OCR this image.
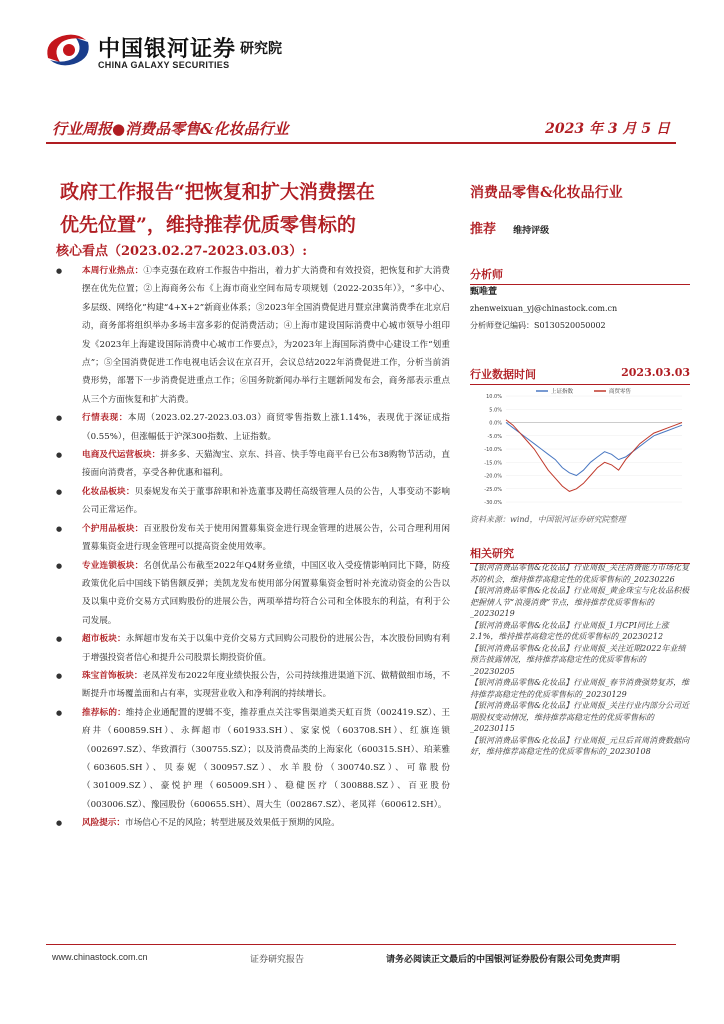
中国银河证券 研究院
CHINA GALAXY SECURITIES
行业周报●消费品零售&化妆品行业	2023 年 3 月 5 日
政府工作报告“把恢复和扩大消费摆在
优先位置”，维持推荐优质零售标的
核心看点（2023.02.27-2023.03.03）:
消费品零售&化妆品行业
推荐 维持评级
分析师
甄唯萱
zhenweixuan_yj@chinastock.com.cn
分析师登记编码：S0130520050002
行业数据时间	2023.03.03
10.0%
5.0%
0.0%
-5.0%
-10.0%
-15.0%
-20.0%
-25.0%
-30.0%
上证指数	商贸零售
资料来源：wind，中国银河证券研究院整理
相关研究
【银河消费品零售&化妆品】行业周报_关注消费能力市场化复苏的机会，维持推荐高稳定性的优质零售标的_20230226
【银河消费品零售&化妆品】行业周报_黄金珠宝与化妆品积极把握情人节“浪漫消费”节点，维持推荐优质零售标的_20230219
【银河消费品零售&化妆品】行业周报_1月CPI同比上涨2.1%，维持推荐高稳定性的优质零售标的_20230212
【银河消费品零售&化妆品】行业周报_关注近期2022年业绩预告披露情况，维持推荐高稳定性的优质零售标的_20230205
【银河消费品零售&化妆品】行业周报_春节消费强势复苏，维持推荐高稳定性的优质零售标的_20230129
【银河消费品零售&化妆品】行业周报_关注行业内部分公司近期股权变动情况，维持推荐高稳定性的优质零售标的_20230115
【银河消费品零售&化妆品】行业周报_元旦后首周消费数据向好，维持推荐高稳定性的优质零售标的_20230108
● 本周行业热点：①李克强在政府工作报告中指出，着力扩大消费和有效投资，把恢复和扩大消费摆在优先位置；②上海商务公布《上海市商业空间布局专项规划（2022-2035年）》，“多中心、多层级、网络化”构建“4+X+2”新商业体系；③2023年全国消费促进月暨京津冀消费季在北京启动，商务部将组织举办多场丰富多彩的促消费活动；④上海市建设国际消费中心城市领导小组印发《2023年上海建设国际消费中心城市工作要点》，为2023年上海国际消费中心建设工作“划重点”；⑤全国消费促进工作电视电话会议在京召开，会议总结2022年消费促进工作，分析当前消费形势，部署下一步消费促进重点工作；⑥国务院新闻办举行主题新闻发布会，商务部表示重点从三个方面恢复和扩大消费。
● 行情表现：本周（2023.02.27-2023.03.03）商贸零售指数上涨1.14%，表现优于深证成指（0.55%），但涨幅低于沪深300指数、上证指数。
● 电商及代运营板块：拼多多、天猫淘宝、京东、抖音、快手等电商平台已公布38购物节活动，直接面向消费者，享受各种优惠和福利。
● 化妆品板块：贝泰妮发布关于董事辞职和补选董事及聘任高级管理人员的公告，人事变动不影响公司正常运作。
● 个护用品板块：百亚股份发布关于使用闲置募集资金进行现金管理的进展公告，公司合理利用闲置募集资金进行现金管理可以提高资金使用效率。
● 专业连锁板块：名创优品公布截至2022年Q4财务业绩，中国区收入受疫情影响同比下降，防疫政策优化后中国线下销售额反弹；美凯龙发布使用部分闲置募集资金暂时补充流动资金的公告以及以集中竞价交易方式回购股份的进展公告，两项举措均符合公司和全体股东的利益，有利于公司发展。
● 超市板块：永辉超市发布关于以集中竞价交易方式回购公司股份的进展公告，本次股份回购有利于增强投资者信心和提升公司股票长期投资价值。
● 珠宝首饰板块：老凤祥发布2022年度业绩快报公告，公司持续推进渠道下沉、做精做细市场，不断提升市场覆盖面和占有率，实现营业收入和净利润的持续增长。
● 推荐标的：维持企业通配置的逻辑不变，推荐重点关注零售渠道类天虹百货（002419.SZ）、王府井（600859.SH）、永辉超市（601933.SH）、家家悦（603708.SH）、红旗连锁（002697.SZ）、华致酒行（300755.SZ）；以及消费品类的上海家化（600315.SH）、珀莱雅（603605.SH）、贝泰妮（300957.SZ）、水羊股份（300740.SZ）、可靠股份（301009.SZ）、豪悦护理（605009.SH）、稳健医疗（300888.SZ）、百亚股份（003006.SZ）、豫园股份（600655.SH）、周大生（002867.SZ）、老凤祥（600612.SH）。
● 风险提示：市场信心不足的风险；转型进展及效果低于预期的风险。
www.chinastock.com.cn	证券研究报告	请务必阅读正文最后的中国银河证券股份有限公司免责声明
